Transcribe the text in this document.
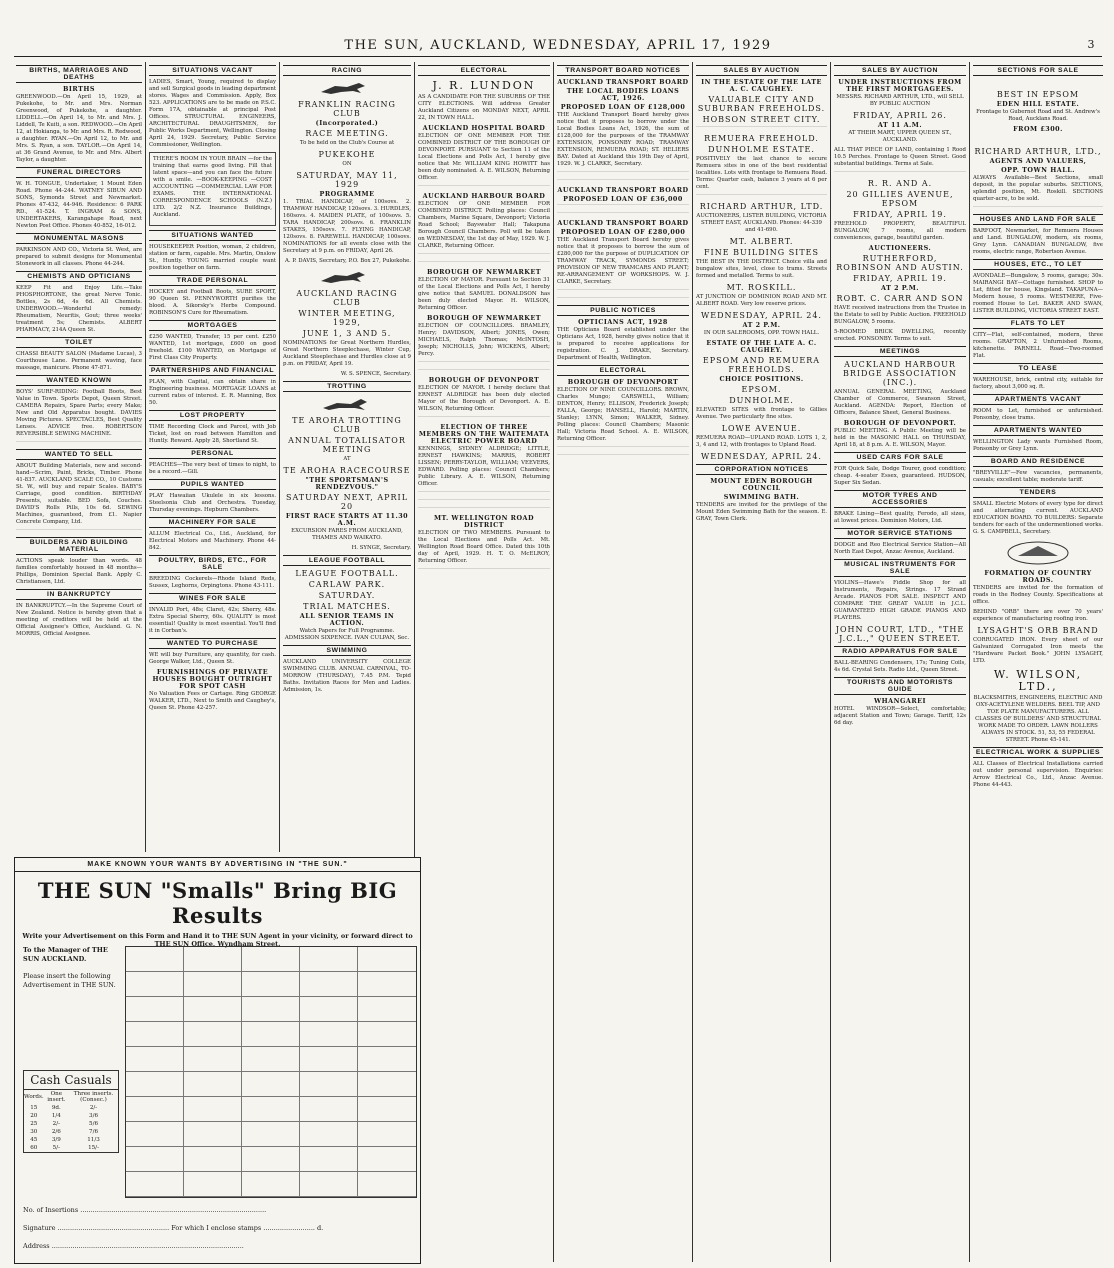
THE SUN, AUCKLAND, WEDNESDAY, APRIL 17, 1929	3
BIRTHS, MARRIAGES AND DEATHS
BIRTHS
GREENWOOD.—On April 15, 1929, at Pukekohe, to Mr. and Mrs. Norman Greenwood, of Pukekohe, a daughter. LIDDELL.—On April 14, to Mr. and Mrs. J. Liddell, Te Kuiti, a son. REDWOOD.—On April 12, at Hokianga, to Mr. and Mrs. R. Redwood, a daughter. RYAN.—On April 12, to Mr. and Mrs. S. Ryan, a son. TAYLOR.—On April 14, at 36 Grand Avenue, to Mr. and Mrs. Albert Taylor, a daughter.
FUNERAL DIRECTORS
W. H. TONGUE, Undertaker, 1 Mount Eden Road. Phone 44-244. WATNEY SIBUN AND SONS, Symonds Street and Newmarket. Phones 47-432, 44-946. Residence: 6 PARK RD., 41-524. T. INGRAM & SONS, UNDERTAKERS, Karangahape Road, next Newton Post Office. Phones 40-852, 16-012.
MONUMENTAL MASONS
PARKINSON AND CO., Victoria St. West, are prepared to submit designs for Monumental Stonework in all classes. Phone 44-244.
CHEMISTS AND OPTICIANS
KEEP Fit and Enjoy Life.—Take PHOSPHORTONE, the great Nerve Tonic. Bottles, 2s 6d, 4s 6d. All Chemists. UNDERWOOD.—Wonderful remedy: Rheumatism, Neuritis, Gout; three weeks' treatment 5s; Chemists. ALBERT PHARMACY, 214A Queen St.
TOILET
CHASSI BEAUTY SALON (Madame Lucas), 3 Courthouse Lane. Permanent waving, face massage, manicure. Phone 47-871.
WANTED KNOWN
BOYS' SURF-RIDING: Football Boots, Best Value in Town. Sports Depot, Queen Street. CAMERA Repairs, Spare Parts; every Make; New and Old Apparatus bought. DAVIES Moving Pictures. SPECTACLES, Best Quality Lenses. ADVICE free. ROBERTSON REVERSIBLE SEWING MACHINE.
WANTED TO SELL
ABOUT Building Materials, new and second-hand—Scrim, Paint, Bricks, Timber. Phone 41-837. AUCKLAND SCALE CO., 10 Customs St. W., will buy and repair Scales. BABY'S Carriage, good condition. BIRTHDAY Presents, suitable. BED Sofa, Couches. DAVID'S Rolls Pills, 10s 6d. SEWING Machines, guaranteed, from £1. Napier Concrete Company, Ltd.
BUILDERS AND BUILDING MATERIAL
ACTIONS speak louder than words. 48 families comfortably housed in 48 months—Phillips, Dominion Special Bank. Apply C. Christiansen, Ltd.
IN BANKRUPTCY
IN BANKRUPTCY.—In the Supreme Court of New Zealand. Notice is hereby given that a meeting of creditors will be held at the Official Assignee's Office, Auckland. G. N. MORRIS, Official Assignee.
SITUATIONS VACANT
LADIES, Smart, Young, required to display and sell Surgical goods in leading department stores. Wages and Commission. Apply, Box 523. APPLICATIONS are to be made on P.S.C. Form 17A, obtainable at principal Post Offices. STRUCTURAL ENGINEERS, ARCHITECTURAL DRAUGHTSMEN, for Public Works Department, Wellington. Closing April 24, 1929. Secretary, Public Service Commissioner, Wellington.
THERE'S ROOM IN YOUR BRAIN —for the training that earns good living. Fill that latent space—and you can face the future with a smile. —BOOK-KEEPING —COST ACCOUNTING —COMMERCIAL LAW FOR EXAMS. THE INTERNATIONAL CORRESPONDENCE SCHOOLS (N.Z.) LTD. 2/2 N.Z. Insurance Buildings, Auckland.
SITUATIONS WANTED
HOUSEKEEPER Position, woman, 2 children, station or farm, capable. Mrs. Martin, Onslow St., Huntly. YOUNG married couple want position together on farm.
TRADE PERSONAL
HOCKEY and Football Boots, SURE SPORT, 90 Queen St. PENNYWORTH purifies the blood. A. Sikorsky's Herbs Compound. ROBINSON'S Cure for Rheumatism.
MORTGAGES
£250 WANTED, Transfer, 15 per cent. £250 WANTED, 1st mortgage, £600 on good freehold. £100 WANTED, on Mortgage of First Class City Property.
PARTNERSHIPS AND FINANCIAL
PLAN, with Capital, can obtain share in Engineering business. MORTGAGE LOANS at current rates of interest. E. R. Manning, Box 50.
LOST PROPERTY
TIME Recording Clock and Parcel, with Job Ticket, lost on road between Hamilton and Huntly. Reward. Apply 28, Shortland St.
PERSONAL
PEACHES—The very best of times to night, to be a record.—Gill.
PUPILS WANTED
PLAY Hawaiian Ukulele in six lessons. Steelsonia Club and Orchestra. Tuesday, Thursday evenings. Hepburn Chambers.
MACHINERY FOR SALE
ALLUM Electrical Co., Ltd., Auckland, for Electrical Motors and Machinery. Phone 44-842.
POULTRY, BIRDS, ETC., FOR SALE
BREEDING Cockerels—Rhode Island Reds, Sussex, Leghorns, Orpingtons. Phone 43-111.
WINES FOR SALE
INVALID Port, 48s; Claret, 42s; Sherry, 48s. Extra Special Sherry, 60s. QUALITY is most essential! Quality is most essential. You'll find it in Corban's.
WANTED TO PURCHASE
WE will buy Furniture, any quantity, for cash. George Walker, Ltd., Queen St.
FURNISHINGS OF PRIVATE HOUSES BOUGHT OUTRIGHT FOR SPOT CASH
No Valuation Fees or Cartage. Ring GEORGE WALKER, LTD., Next to Smith and Caughey's, Queen St. Phone 42-257.
RACING
FRANKLIN RACING CLUB
(Incorporated.)
RACE MEETING.
To be held on the Club's Course at
PUKEKOHE
ON
SATURDAY, MAY 11, 1929
PROGRAMME
1. TRIAL HANDICAP, of 100sovs. 2. TRAMWAY HANDICAP, 120sovs. 3. HURDLES, 160sovs. 4. MAIDEN PLATE, of 100sovs. 5. TARA HANDICAP, 200sovs. 6. FRANKLIN STAKES, 150sovs. 7. FLYING HANDICAP, 120sovs. 8. FAREWELL HANDICAP, 100sovs. NOMINATIONS for all events close with the Secretary at 9 p.m. on FRIDAY, April 26.
A. P. DAVIS, Secretary, P.O. Box 27, Pukekohe.
AUCKLAND RACING CLUB
WINTER MEETING, 1929,
JUNE 1, 3 AND 5.
NOMINATIONS for Great Northern Hurdles, Great Northern Steeplechase, Winter Cup, Auckland Steeplechase and Hurdles close at 9 p.m. on FRIDAY, April 19.
W. S. SPENCE, Secretary.
TROTTING
TE AROHA TROTTING CLUB
ANNUAL TOTALISATOR MEETING
AT
TE AROHA RACECOURSE
"THE SPORTSMAN'S RENDEZVOUS."
SATURDAY NEXT, APRIL 20
FIRST RACE STARTS AT 11.30 A.M.
EXCURSION FARES FROM AUCKLAND, THAMES AND WAIKATO.
H. SYNGE, Secretary.
LEAGUE FOOTBALL
LEAGUE FOOTBALL.
CARLAW PARK.
SATURDAY.
TRIAL MATCHES.
ALL SENIOR TEAMS IN ACTION.
Watch Papers for Full Programme. ADMISSION SIXPENCE. IVAN CULPAN, Sec.
SWIMMING
AUCKLAND UNIVERSITY COLLEGE SWIMMING CLUB. ANNUAL CARNIVAL, TO-MORROW (THURSDAY), 7.45 P.M. Tepid Baths. Invitation Races for Men and Ladies. Admission, 1s.
ELECTORAL
J. R. LUNDON
AS A CANDIDATE FOR THE SUBURBS OF THE CITY ELECTIONS. Will address Greater Auckland Citizens on MONDAY NEXT, APRIL 22, IN TOWN HALL.
AUCKLAND HOSPITAL BOARD
ELECTION OF ONE MEMBER FOR THE COMBINED DISTRICT OF THE BOROUGH OF DEVONPORT. PURSUANT to Section 11 of the Local Elections and Polls Act, I hereby give notice that Mr. WILLIAM KING HOWITT has been duly nominated. A. E. WILSON, Returning Officer.
AUCKLAND HARBOUR BOARD
ELECTION OF ONE MEMBER FOR COMBINED DISTRICT. Polling places: Council Chambers, Marine Square, Devonport; Victoria Road School; Bayswater Hall; Takapuna Borough Council Chambers. Poll will be taken on WEDNESDAY, the 1st day of May, 1929. W. J. CLARKE, Returning Officer.
BOROUGH OF NEWMARKET
ELECTION OF MAYOR. Pursuant to Section 31 of the Local Elections and Polls Act, I hereby give notice that SAMUEL DONALDSON has been duly elected Mayor. H. WILSON, Returning Officer.
BOROUGH OF NEWMARKET
ELECTION OF COUNCILLORS. BRAMLEY, Henry; DAVIDSON, Albert; JONES, Owen; MICHAELS, Ralph Thomas; McINTOSH, Joseph; NICHOLLS, John; WICKENS, Albert; Percy.
BOROUGH OF DEVONPORT
ELECTION OF MAYOR. I hereby declare that ERNEST ALDRIDGE has been duly elected Mayor of the Borough of Devonport. A. E. WILSON, Returning Officer.
ELECTION OF THREE MEMBERS ON THE WAITEMATA ELECTRIC POWER BOARD
KENNINGS, SYDNEY ALDRIDGE; LITTLE, ERNEST HAWKINS; MARRIS, ROBERT LISSEN; PERRY-TAYLOR, WILLIAM; VEEVERS, EDWARD. Polling places: Council Chambers; Public Library. A. E. WILSON, Returning Officer.
MT. WELLINGTON ROAD DISTRICT
ELECTION OF TWO MEMBERS. Pursuant to the Local Elections and Polls Act. Mt. Wellington Road Board Office. Dated this 10th day of April, 1929. H. T. O. McELROY, Returning Officer.
TRANSPORT BOARD NOTICES
AUCKLAND TRANSPORT BOARD
THE LOCAL BODIES LOANS ACT, 1926.
PROPOSED LOAN OF £128,000
THE Auckland Transport Board hereby gives notice that it proposes to borrow under the Local Bodies Loans Act, 1926, the sum of £128,000 for the purposes of the TRAMWAY EXTENSION, PONSONBY ROAD; TRAMWAY EXTENSION, REMUERA ROAD; ST. HELIERS BAY. Dated at Auckland this 19th Day of April, 1929. W. J. CLARKE, Secretary.
AUCKLAND TRANSPORT BOARD
PROPOSED LOAN OF £36,000
AUCKLAND TRANSPORT BOARD
PROPOSED LOAN OF £280,000
THE Auckland Transport Board hereby gives notice that it proposes to borrow the sum of £280,000 for the purpose of DUPLICATION OF TRAMWAY TRACK, SYMONDS STREET; PROVISION OF NEW TRAMCARS AND PLANT; RE-ARRANGEMENT OF WORKSHOPS. W. J. CLARKE, Secretary.
PUBLIC NOTICES
OPTICIANS ACT, 1928
THE Opticians Board established under the Opticians Act, 1928, hereby gives notice that it is prepared to receive applications for registration. C. J. DRAKE, Secretary. Department of Health, Wellington.
ELECTORAL
BOROUGH OF DEVONPORT
ELECTION OF NINE COUNCILLORS. BROWN, Charles Mungo; CARSWELL, William; DENTON, Henry; ELLISON, Frederick Joseph; FALLA, George; HANSELL, Harold; MARTIN, Stanley; LYNN, Simon; WALKER, Sidney. Polling places: Council Chambers; Masonic Hall; Victoria Road School. A. E. WILSON, Returning Officer.
SALES BY AUCTION
IN THE ESTATE OF THE LATE A. C. CAUGHEY.
VALUABLE CITY AND SUBURBAN FREEHOLDS.
HOBSON STREET CITY.
REMUERA FREEHOLD.
DUNHOLME ESTATE.
POSITIVELY the last chance to secure Remuera sites in one of the best residential localities. Lots with frontage to Remuera Road. Terms: Quarter cash, balance 3 years at 6 per cent.
RICHARD ARTHUR, LTD.
AUCTIONEERS, LISTER BUILDING, VICTORIA STREET EAST, AUCKLAND. Phones: 44-339 and 41-690.
MT. ALBERT.
FINE BUILDING SITES
THE BEST IN THE DISTRICT. Choice villa and bungalow sites, level, close to trams. Streets formed and metalled. Terms to suit.
MT. ROSKILL.
AT JUNCTION OF DOMINION ROAD AND MT. ALBERT ROAD. Very low reserve prices.
WEDNESDAY, APRIL 24.
AT 2 P.M.
IN OUR SALEROOMS, OPP. TOWN HALL.
ESTATE OF THE LATE A. C. CAUGHEY.
EPSOM AND REMUERA FREEHOLDS.
CHOICE POSITIONS.
EPSOM.
DUNHOLME.
ELEVATED SITES with frontage to Gillies Avenue. Two particularly fine sites.
LOWE AVENUE.
REMUERA ROAD—UPLAND ROAD. LOTS 1, 2, 3, 4 and 12, with frontages to Upland Road.
WEDNESDAY, APRIL 24.
CORPORATION NOTICES
MOUNT EDEN BOROUGH COUNCIL
SWIMMING BATH.
TENDERS are invited for the privilege of the Mount Eden Swimming Bath for the season. E. GRAY, Town Clerk.
SALES BY AUCTION
UNDER INSTRUCTIONS FROM THE FIRST MORTGAGEES.
MESSRS. RICHARD ARTHUR, LTD., will SELL BY PUBLIC AUCTION
FRIDAY, APRIL 26.
AT 11 A.M.
AT THEIR MART, UPPER QUEEN ST., AUCKLAND.
ALL THAT PIECE OF LAND, containing 1 Rood 10.5 Perches. Frontage to Queen Street. Good substantial buildings. Terms at Sale.
R. R. AND A.
20 GILLIES AVENUE, EPSOM
FRIDAY, APRIL 19.
FREEHOLD PROPERTY, BEAUTIFUL BUNGALOW, 7 rooms, all modern conveniences, garage, beautiful garden.
AUCTIONEERS.
RUTHERFORD, ROBINSON AND AUSTIN.
FRIDAY, APRIL 19.
AT 2 P.M.
ROBT. C. CARR AND SON
HAVE received instructions from the Trustee in the Estate to sell by Public Auction. FREEHOLD BUNGALOW, 5 rooms.
5-ROOMED BRICK DWELLING, recently erected. PONSONBY. Terms to suit.
MEETINGS
AUCKLAND HARBOUR BRIDGE ASSOCIATION (INC.).
ANNUAL GENERAL MEETING, Auckland Chamber of Commerce, Swanson Street, Auckland. AGENDA: Report, Election of Officers, Balance Sheet, General Business.
BOROUGH OF DEVONPORT.
PUBLIC MEETING. A Public Meeting will be held in the MASONIC HALL on THURSDAY, April 18, at 8 p.m. A. E. WILSON, Mayor.
USED CARS FOR SALE
FOR Quick Sale, Dodge Tourer, good condition; cheap. 4-seater Essex, guaranteed. HUDSON, Super Six Sedan.
MOTOR TYRES AND ACCESSORIES
BRAKE Lining—Best quality, Ferodo, all sizes, at lowest prices. Dominion Motors, Ltd.
MOTOR SERVICE STATIONS
DODGE and Reo Electrical Service Station—All North East Depot, Anzac Avenue, Auckland.
MUSICAL INSTRUMENTS FOR SALE
VIOLINS—Hawe's Fiddle Shop for all Instruments, Repairs, Strings. 17 Strand Arcade. PIANOS FOR SALE. INSPECT AND COMPARE THE GREAT VALUE in J.C.L. GUARANTEED HIGH GRADE PIANOS AND PLAYERS.
JOHN COURT, LTD., "THE J.C.L.," QUEEN STREET.
RADIO APPARATUS FOR SALE
BALL-BEARING Condensers, 17s; Tuning Coils, 4s 6d. Crystal Sets. Radio Ltd., Queen Street.
TOURISTS AND MOTORISTS GUIDE
WHANGAREI
HOTEL WINDSOR—Select, comfortable; adjacent Station and Town; Garage. Tariff, 12s 6d day.
SECTIONS FOR SALE
BEST IN EPSOM
EDEN HILL ESTATE.
Frontage to Gubernot Road and St. Andrew's Road, Aucklans Road.
FROM £300.
RICHARD ARTHUR, LTD.,
AGENTS AND VALUERS,
OPP. TOWN HALL.
ALWAYS Available—Best Sections, small deposit, in the popular suburbs. SECTIONS, splendid position, Mt. Roskill. SECTIONS quarter-acre, to be sold.
HOUSES AND LAND FOR SALE
BARFOOT, Newmarket, for Remuera Houses and Land. BUNGALOW, modern, six rooms, Grey Lynn. CANADIAN BUNGALOW, five rooms, electric range, Robertson Avenue.
HOUSES, ETC., TO LET
AVONDALE—Bungalow, 5 rooms, garage; 30s. MAIRANGI BAY—Cottage furnished. SHOP to Let, fitted for house, Kingsland. TAKAPUNA—Modern house, 5 rooms. WESTMERE, Five-roomed House to Let. BAKER AND SWAN, LISTER BUILDING, VICTORIA STREET EAST.
FLATS TO LET
CITY—Flat, self-contained, modern, three rooms. GRAFTON, 2 Unfurnished Rooms, kitchenette. PARNELL Road—Two-roomed Flat.
TO LEASE
WAREHOUSE, brick, central city, suitable for factory, about 3,000 sq. ft.
APARTMENTS VACANT
ROOM to Let, furnished or unfurnished. Ponsonby, close trams.
APARTMENTS WANTED
WELLINGTON Lady wants Furnished Room, Ponsonby or Grey Lynn.
BOARD AND RESIDENCE
"BREYVILLE"—Few vacancies, permanents, casuals; excellent table; moderate tariff.
TENDERS
SMALL Electric Motors of every type for direct and alternating current. AUCKLAND EDUCATION BOARD. TO BUILDERS: Separate tenders for each of the undermentioned works. G. S. CAMPBELL, Secretary.
FORMATION OF COUNTRY ROADS.
TENDERS are invited for the formation of roads in the Rodney County. Specifications at office.
BEHIND "ORB" there are over 70 years' experience of manufacturing roofing iron.
LYSAGHT'S ORB BRAND
CORRUGATED IRON. Every sheet of our Galvanized Corrugated Iron meets the "Hardware Packet Book." JOHN LYSAGHT, LTD.
W. WILSON, LTD.,
BLACKSMITHS, ENGINEERS, ELECTRIC AND OXY-ACETYLENE WELDERS. BEEL TIP, AND TOE PLATE MANUFACTURERS. ALL CLASSES OF BUILDERS' AND STRUCTURAL WORK MADE TO ORDER. LAWN ROLLERS ALWAYS IN STOCK. 51, 53, 55 FEDERAL STREET. Phone 45-141.
ELECTRICAL WORK & SUPPLIES
ALL Classes of Electrical Installations carried out under personal supervision. Enquiries: Arrow Electrical Co., Ltd., Anzac Avenue. Phone 44-443.
MAKE KNOWN YOUR WANTS BY ADVERTISING IN "THE SUN."
THE SUN "Smalls" Bring BIG Results
Write your Advertisement on this Form and Hand it to THE SUN Agent in your vicinity, or forward direct to THE SUN Office, Wyndham Street.
To the Manager of THE SUN AUCKLAND.
Please insert the following Advertisement in THE SUN.
Cash Casuals
Words.	One insert.	Three inserts. (Consec.)
15	9d.	2/-
20	1/4	3/6
25	2/-	5/6
30	2/6	7/6
45	3/9	11/3
60	5/-	15/-
No. of Insertions ..........................................................................................
Signature ...................................................... For which I enclose stamps ......................... d.
Address .............................................................................................
